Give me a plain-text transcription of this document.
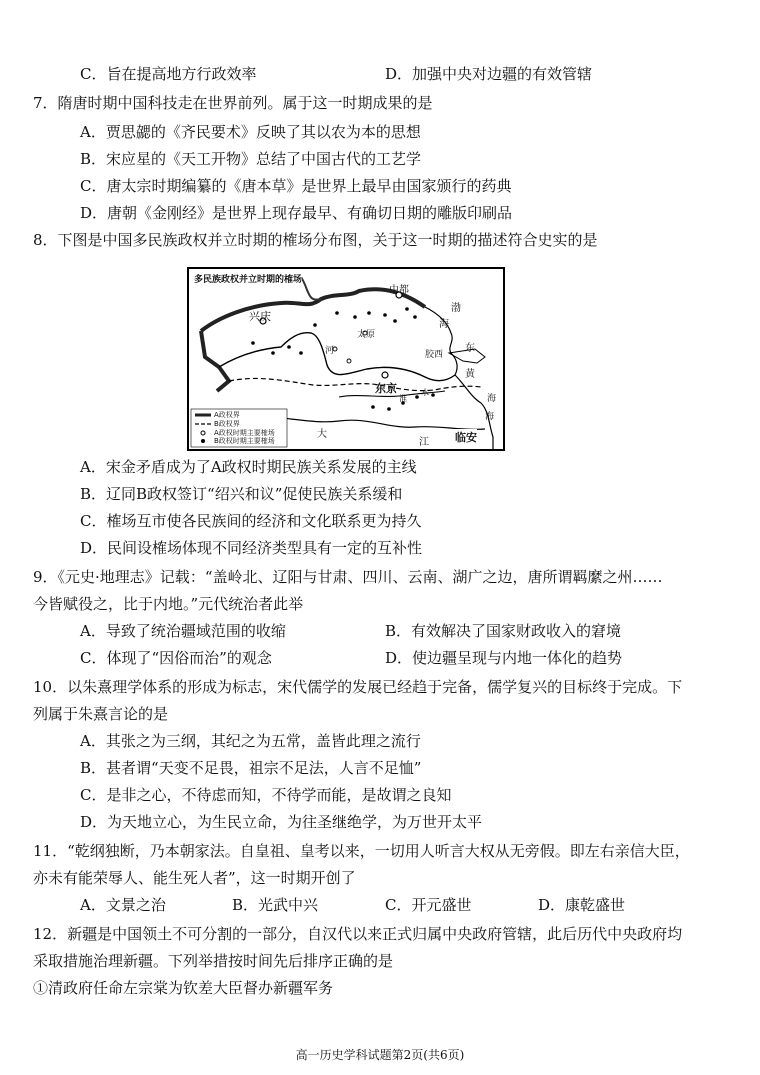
C．旨在提高地方行政效率	D．加强中央对边疆的有效管辖
7．隋唐时期中国科技走在世界前列。属于这一时期成果的是
A．贾思勰的《齐民要术》反映了其以农为本的思想
B．宋应星的《天工开物》总结了中国古代的工艺学
C．唐太宗时期编纂的《唐本草》是世界上最早由国家颁行的药典
D．唐朝《金刚经》是世界上现存最早、有确切日期的雕版印刷品
8．下图是中国多民族政权并立时期的榷场分布图，关于这一时期的描述符合史实的是
多民族政权并立时期的榷场
中都
兴庆
太原
东京
临安
胶西
渤
海
黄
河
海
东
海
大
江
淮
水
A政权界
B政权界
A政权时期主要榷场
B政权时期主要榷场
A．宋金矛盾成为了A政权时期民族关系发展的主线
B．辽同B政权签订“绍兴和议”促使民族关系缓和
C．榷场互市使各民族间的经济和文化联系更为持久
D．民间设榷场体现不同经济类型具有一定的互补性
9．《元史·地理志》记载：“盖岭北、辽阳与甘肃、四川、云南、湖广之边，唐所谓羁縻之州……
今皆赋役之，比于内地。”元代统治者此举
A．导致了统治疆域范围的收缩	B．有效解决了国家财政收入的窘境
C．体现了“因俗而治”的观念	D．使边疆呈现与内地一体化的趋势
10．以朱熹理学体系的形成为标志，宋代儒学的发展已经趋于完备，儒学复兴的目标终于完成。下
列属于朱熹言论的是
A．其张之为三纲，其纪之为五常，盖皆此理之流行
B．甚者谓“天变不足畏，祖宗不足法，人言不足恤”
C．是非之心，不待虑而知，不待学而能，是故谓之良知
D．为天地立心，为生民立命，为往圣继绝学，为万世开太平
11．“乾纲独断，乃本朝家法。自皇祖、皇考以来，一切用人听言大权从无旁假。即左右亲信大臣，
亦未有能荣辱人、能生死人者”，这一时期开创了
A．文景之治	B．光武中兴	C．开元盛世	D．康乾盛世
12．新疆是中国领土不可分割的一部分，自汉代以来正式归属中央政府管辖，此后历代中央政府均
采取措施治理新疆。下列举措按时间先后排序正确的是
①清政府任命左宗棠为钦差大臣督办新疆军务
高一历史学科试题第2页(共6页)
